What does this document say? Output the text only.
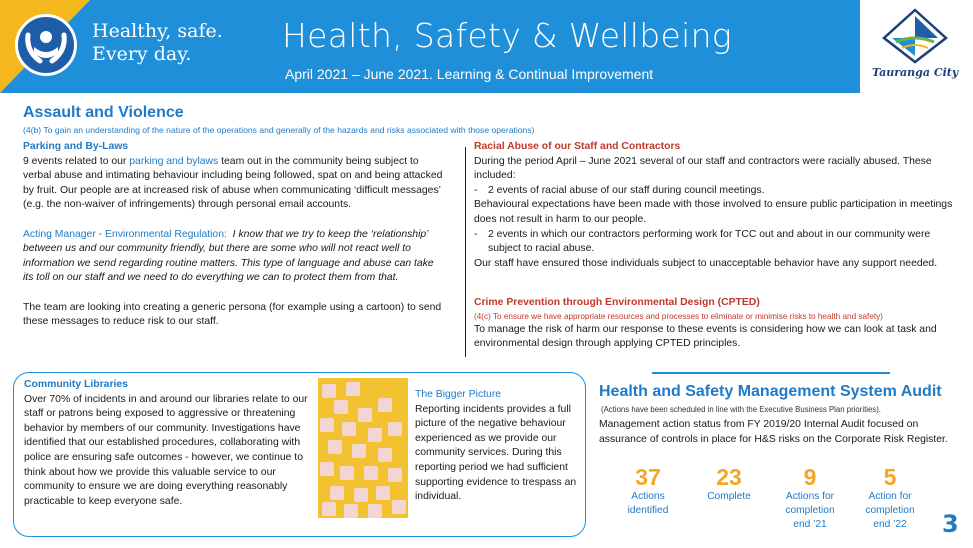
Healthy, safe.
Every day.	Health, Safety & Wellbeing
April 2021 – June 2021. Learning & Continual Improvement	Tauranga City
Assault and Violence
(4(b) To gain an understanding of the nature of the operations and generally of the hazards and risks associated with those operations)
Parking and By-Laws
9 events related to our parking and bylaws team out in the community being subject to verbal abuse and intimating behaviour including being followed, spat on and being attacked by fruit. Our people are at increased risk of abuse when communicating ‘difficult messages’ (e.g. the non-waiver of infringements) through personal email accounts.
Acting Manager - Environmental Regulation: I know that we try to keep the ‘relationship’ between us and our community friendly, but there are some who will not react well to information we send regarding routine matters. This type of language and abuse can take its toll on our staff and we need to do everything we can to protect them from that.
The team are looking into creating a generic persona (for example using a cartoon) to send these messages to reduce risk to our staff.
Racial Abuse of our Staff and Contractors
During the period April – June 2021 several of our staff and contractors were racially abused. These included:
-	2 events of racial abuse of our staff during council meetings.
Behavioural expectations have been made with those involved to ensure public participation in meetings does not result in harm to our people.
-	2 events in which our contractors performing work for TCC out and about in our community were subject to racial abuse.
Our staff have ensured those individuals subject to unacceptable behavior have any support needed.
Crime Prevention through Environmental Design (CPTED)
(4(c) To ensure we have appropriate resources and processes to eliminate or minimise risks to health and safety)
To manage the risk of harm our response to these events is considering how we can look at task and environmental design through applying CPTED principles.
Community Libraries
Over 70% of incidents in and around our libraries relate to our staff or patrons being exposed to aggressive or threatening behavior by members of our community. Investigations have identified that our established procedures, collaborating with police are ensuring safe outcomes - however, we continue to think about how we provide this valuable service to our community to ensure we are doing everything reasonably practicable to keep everyone safe.
The Bigger Picture
Reporting incidents provides a full picture of the negative behaviour experienced as we provide our community services. During this reporting period we had sufficient supporting evidence to trespass an individual.
Health and Safety Management System Audit
(Actions have been scheduled in line with the Executive Business Plan priorities).
Management action status from FY 2019/20 Internal Audit focused on assurance of controls in place for H&S risks on the Corporate Risk Register.
37
Actions
identified
23
Complete
9
Actions for
completion
end ’21
5
Action for
completion
end ’22	3
